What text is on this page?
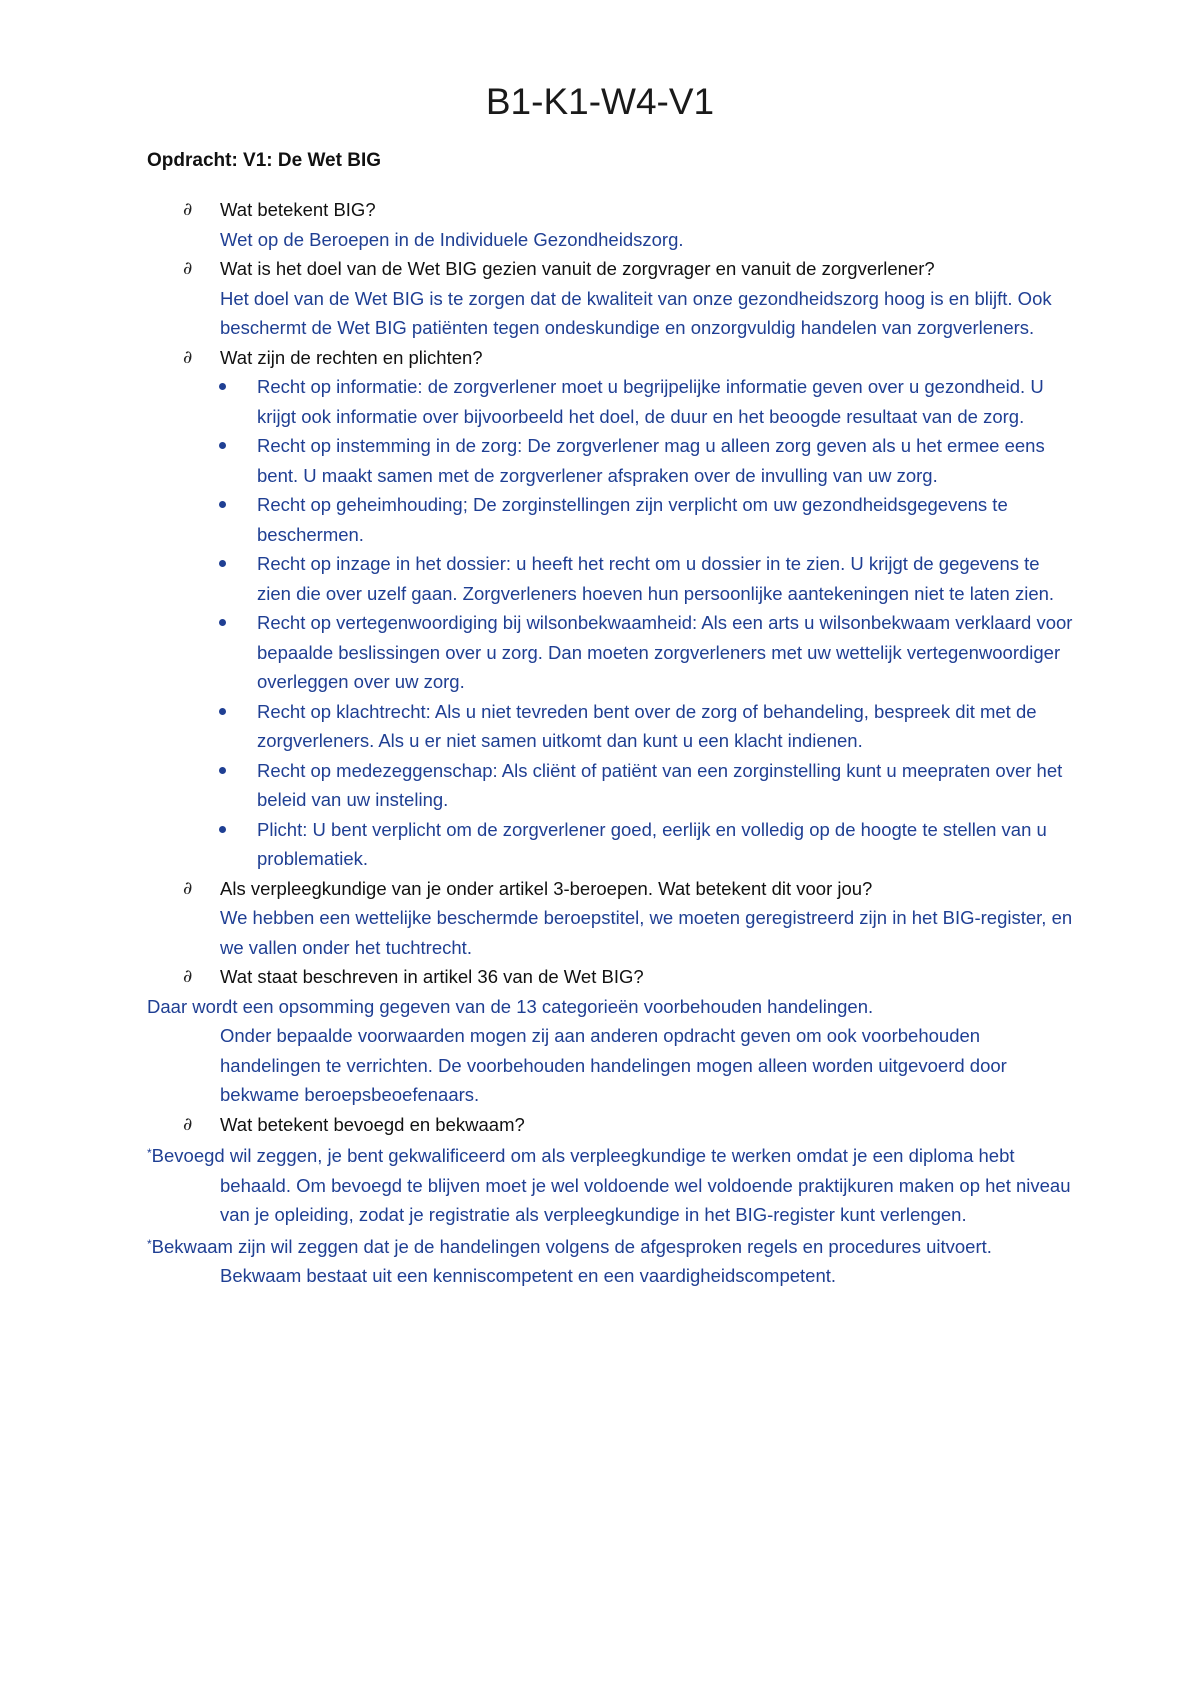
B1-K1-W4-V1
Opdracht: V1: De Wet BIG
∂ Wat betekent BIG?
Wet op de Beroepen in de Individuele Gezondheidszorg.
∂ Wat is het doel van de Wet BIG gezien vanuit de zorgvrager en vanuit de zorgverlener?
Het doel van de Wet BIG is te zorgen dat de kwaliteit van onze gezondheidszorg hoog is en blijft. Ook beschermt de Wet BIG patiënten tegen ondeskundige en onzorgvuldig handelen van zorgverleners.
∂ Wat zijn de rechten en plichten?
Recht op informatie: de zorgverlener moet u begrijpelijke informatie geven over u gezondheid. U krijgt ook informatie over bijvoorbeeld het doel, de duur en het beoogde resultaat van de zorg.
Recht op instemming in de zorg: De zorgverlener mag u alleen zorg geven als u het ermee eens bent. U maakt samen met de zorgverlener afspraken over de invulling van uw zorg.
Recht op geheimhouding; De zorginstellingen zijn verplicht om uw gezondheidsgegevens te beschermen.
Recht op inzage in het dossier: u heeft het recht om u dossier in te zien. U krijgt de gegevens te zien die over uzelf gaan. Zorgverleners hoeven hun persoonlijke aantekeningen niet te laten zien.
Recht op vertegenwoordiging bij wilsonbekwaamheid: Als een arts u wilsonbekwaam verklaard voor bepaalde beslissingen over u zorg. Dan moeten zorgverleners met uw wettelijk vertegenwoordiger overleggen over uw zorg.
Recht op klachtrecht: Als u niet tevreden bent over de zorg of behandeling, bespreek dit met de zorgverleners. Als u er niet samen uitkomt dan kunt u een klacht indienen.
Recht op medezeggenschap: Als cliënt of patiënt van een zorginstelling kunt u meepraten over het beleid van uw insteling.
Plicht: U bent verplicht om de zorgverlener goed, eerlijk en volledig op de hoogte te stellen van u problematiek.
∂ Als verpleegkundige van je onder artikel 3-beroepen. Wat betekent dit voor jou?
We hebben een wettelijke beschermde beroepstitel, we moeten geregistreerd zijn in het BIG-register, en we vallen onder het tuchtrecht.
∂ Wat staat beschreven in artikel 36 van de Wet BIG?
Daar wordt een opsomming gegeven van de 13 categorieën voorbehouden handelingen.
Onder bepaalde voorwaarden mogen zij aan anderen opdracht geven om ook voorbehouden handelingen te verrichten. De voorbehouden handelingen mogen alleen worden uitgevoerd door bekwame beroepsbeoefenaars.
∂ Wat betekent bevoegd en bekwaam?
*Bevoegd wil zeggen, je bent gekwalificeerd om als verpleegkundige te werken omdat je een diploma hebt behaald. Om bevoegd te blijven moet je wel voldoende wel voldoende praktijkuren maken op het niveau van je opleiding, zodat je registratie als verpleegkundige in het BIG-register kunt verlengen.
*Bekwaam zijn wil zeggen dat je de handelingen volgens de afgesproken regels en procedures uitvoert. Bekwaam bestaat uit een kenniscompetent en een vaardigheidscompetent.
